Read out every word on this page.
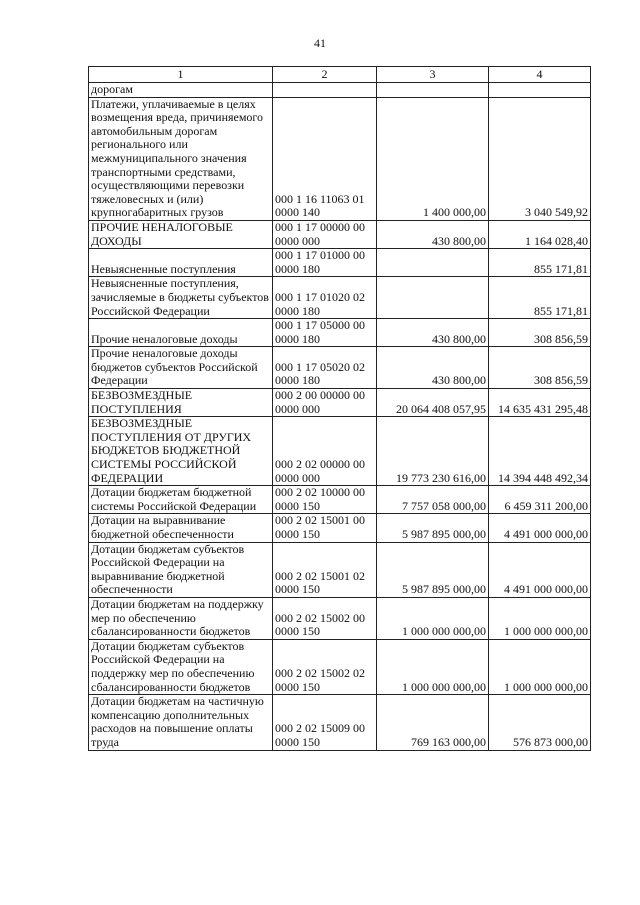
41
1	2	3	4
дорогам			
Платежи, уплачиваемые в целях возмещения вреда, причиняемого автомобильным дорогам регионального или межмуниципального значения транспортными средствами, осуществляющими перевозки тяжеловесных и (или) крупногабаритных грузов	000 1 16 11063 01 0000 140	1 400 000,00	3 040 549,92
ПРОЧИЕ НЕНАЛОГОВЫЕ ДОХОДЫ	000 1 17 00000 00 0000 000	430 800,00	1 164 028,40
Невыясненные поступления	000 1 17 01000 00 0000 180		855 171,81
Невыясненные поступления, зачисляемые в бюджеты субъектов Российской Федерации	000 1 17 01020 02 0000 180		855 171,81
Прочие неналоговые доходы	000 1 17 05000 00 0000 180	430 800,00	308 856,59
Прочие неналоговые доходы бюджетов субъектов Российской Федерации	000 1 17 05020 02 0000 180	430 800,00	308 856,59
БЕЗВОЗМЕЗДНЫЕ ПОСТУПЛЕНИЯ	000 2 00 00000 00 0000 000	20 064 408 057,95	14 635 431 295,48
БЕЗВОЗМЕЗДНЫЕ ПОСТУПЛЕНИЯ ОТ ДРУГИХ БЮДЖЕТОВ БЮДЖЕТНОЙ СИСТЕМЫ РОССИЙСКОЙ ФЕДЕРАЦИИ	000 2 02 00000 00 0000 000	19 773 230 616,00	14 394 448 492,34
Дотации бюджетам бюджетной системы Российской Федерации	000 2 02 10000 00 0000 150	7 757 058 000,00	6 459 311 200,00
Дотации на выравнивание бюджетной обеспеченности	000 2 02 15001 00 0000 150	5 987 895 000,00	4 491 000 000,00
Дотации бюджетам субъектов Российской Федерации на выравнивание бюджетной обеспеченности	000 2 02 15001 02 0000 150	5 987 895 000,00	4 491 000 000,00
Дотации бюджетам на поддержку мер по обеспечению сбалансированности бюджетов	000 2 02 15002 00 0000 150	1 000 000 000,00	1 000 000 000,00
Дотации бюджетам субъектов Российской Федерации на поддержку мер по обеспечению сбалансированности бюджетов	000 2 02 15002 02 0000 150	1 000 000 000,00	1 000 000 000,00
Дотации бюджетам на частичную компенсацию дополнительных расходов на повышение оплаты труда	000 2 02 15009 00 0000 150	769 163 000,00	576 873 000,00
